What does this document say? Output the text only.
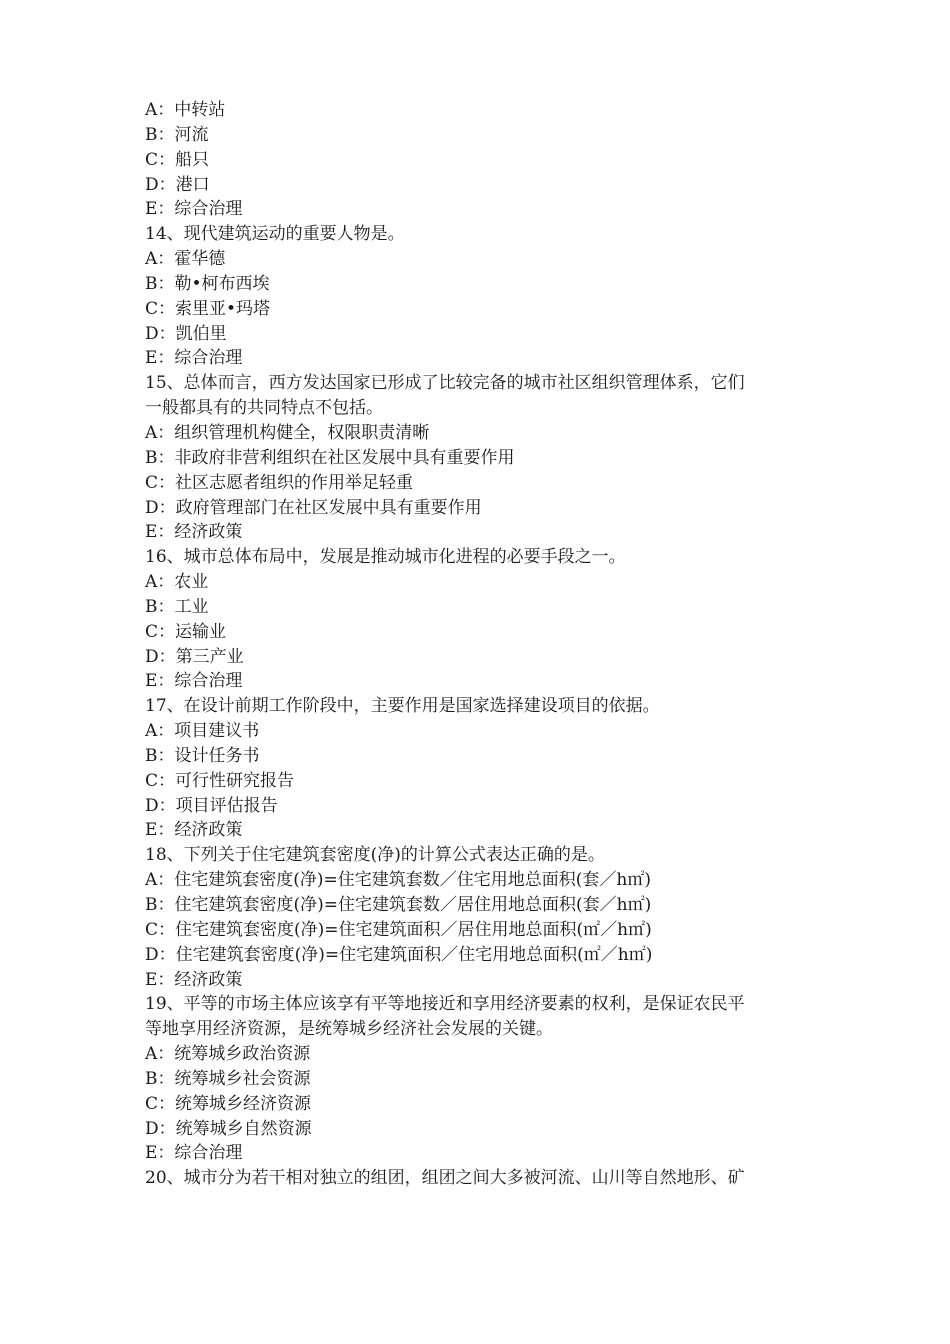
A：中转站
B：河流
C：船只
D：港口
E：综合治理
14、现代建筑运动的重要人物是。
A：霍华德
B：勒•柯布西埃
C：索里亚•玛塔
D：凯伯里
E：综合治理
15、总体而言，西方发达国家已形成了比较完备的城市社区组织管理体系，它们
一般都具有的共同特点不包括。
A：组织管理机构健全，权限职责清晰
B：非政府非营利组织在社区发展中具有重要作用
C：社区志愿者组织的作用举足轻重
D：政府管理部门在社区发展中具有重要作用
E：经济政策
16、城市总体布局中，发展是推动城市化进程的必要手段之一。
A：农业
B：工业
C：运输业
D：第三产业
E：综合治理
17、在设计前期工作阶段中，主要作用是国家选择建设项目的依据。
A：项目建议书
B：设计任务书
C：可行性研究报告
D：项目评估报告
E：经济政策
18、下列关于住宅建筑套密度(净)的计算公式表达正确的是。
A：住宅建筑套密度(净)=住宅建筑套数／住宅用地总面积(套／h㎡)
B：住宅建筑套密度(净)=住宅建筑套数／居住用地总面积(套／h㎡)
C：住宅建筑套密度(净)=住宅建筑面积／居住用地总面积(㎡／h㎡)
D：住宅建筑套密度(净)=住宅建筑面积／住宅用地总面积(㎡／h㎡)
E：经济政策
19、平等的市场主体应该享有平等地接近和享用经济要素的权利，是保证农民平
等地享用经济资源，是统筹城乡经济社会发展的关键。
A：统筹城乡政治资源
B：统筹城乡社会资源
C：统筹城乡经济资源
D：统筹城乡自然资源
E：综合治理
20、城市分为若干相对独立的组团，组团之间大多被河流、山川等自然地形、矿
